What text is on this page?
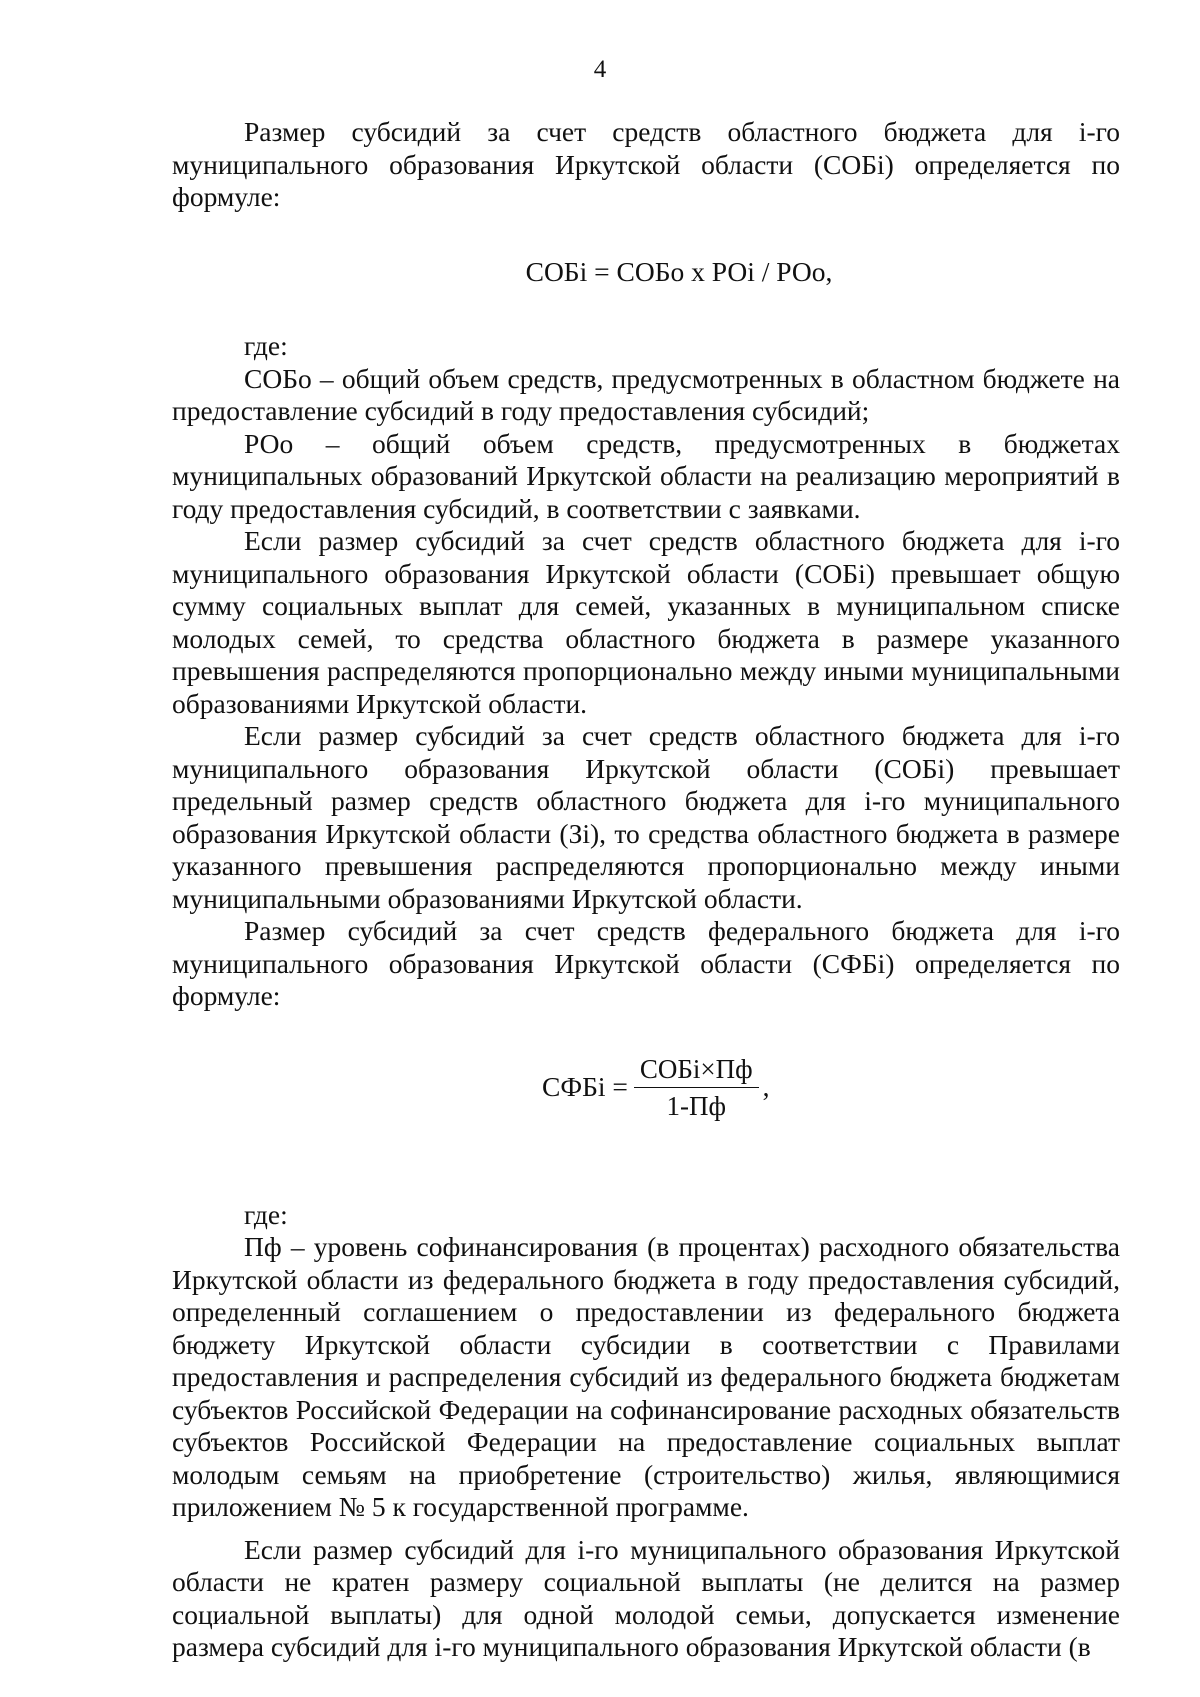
4

Размер субсидий за счет средств областного бюджета для i-го муниципального образования Иркутской области (СОБi) определяется по формуле:

СОБi = СОБо х РОi / РОо,

где:

СОБо – общий объем средств, предусмотренных в областном бюджете на предоставление субсидий в году предоставления субсидий;

РОо – общий объем средств, предусмотренных в бюджетах муниципальных образований Иркутской области на реализацию мероприятий в году предоставления субсидий, в соответствии с заявками.

Если размер субсидий за счет средств областного бюджета для i-го муниципального образования Иркутской области (СОБi) превышает общую сумму социальных выплат для семей, указанных в муниципальном списке молодых семей, то средства областного бюджета в размере указанного превышения распределяются пропорционально между иными муниципальными образованиями Иркутской области.

Если размер субсидий за счет средств областного бюджета для i-го муниципального образования Иркутской области (СОБi) превышает предельный размер средств областного бюджета для i-го муниципального образования Иркутской области (Зi), то средства областного бюджета в размере указанного превышения распределяются пропорционально между иными муниципальными образованиями Иркутской области.

Размер субсидий за счет средств федерального бюджета для i-го муниципального образования Иркутской области (СФБi) определяется по формуле:

СФБi = $\frac{\text{СОБi×Пф}}{1-Пф}$ ,

где:

Пф – уровень софинансирования (в процентах) расходного обязательства Иркутской области из федерального бюджета в году предоставления субсидий, определенный соглашением о предоставлении из федерального бюджета бюджету Иркутской области субсидии в соответствии с Правилами предоставления и распределения субсидий из федерального бюджета бюджетам субъектов Российской Федерации на софинансирование расходных обязательств субъектов Российской Федерации на предоставление социальных выплат молодым семьям на приобретение (строительство) жилья, являющимися приложением № 5 к государственной программе.

Если размер субсидий для i-го муниципального образования Иркутской области не кратен размеру социальной выплаты (не делится на размер социальной выплаты) для одной молодой семьи, допускается изменение размера субсидий для i-го муниципального образования Иркутской области (в
